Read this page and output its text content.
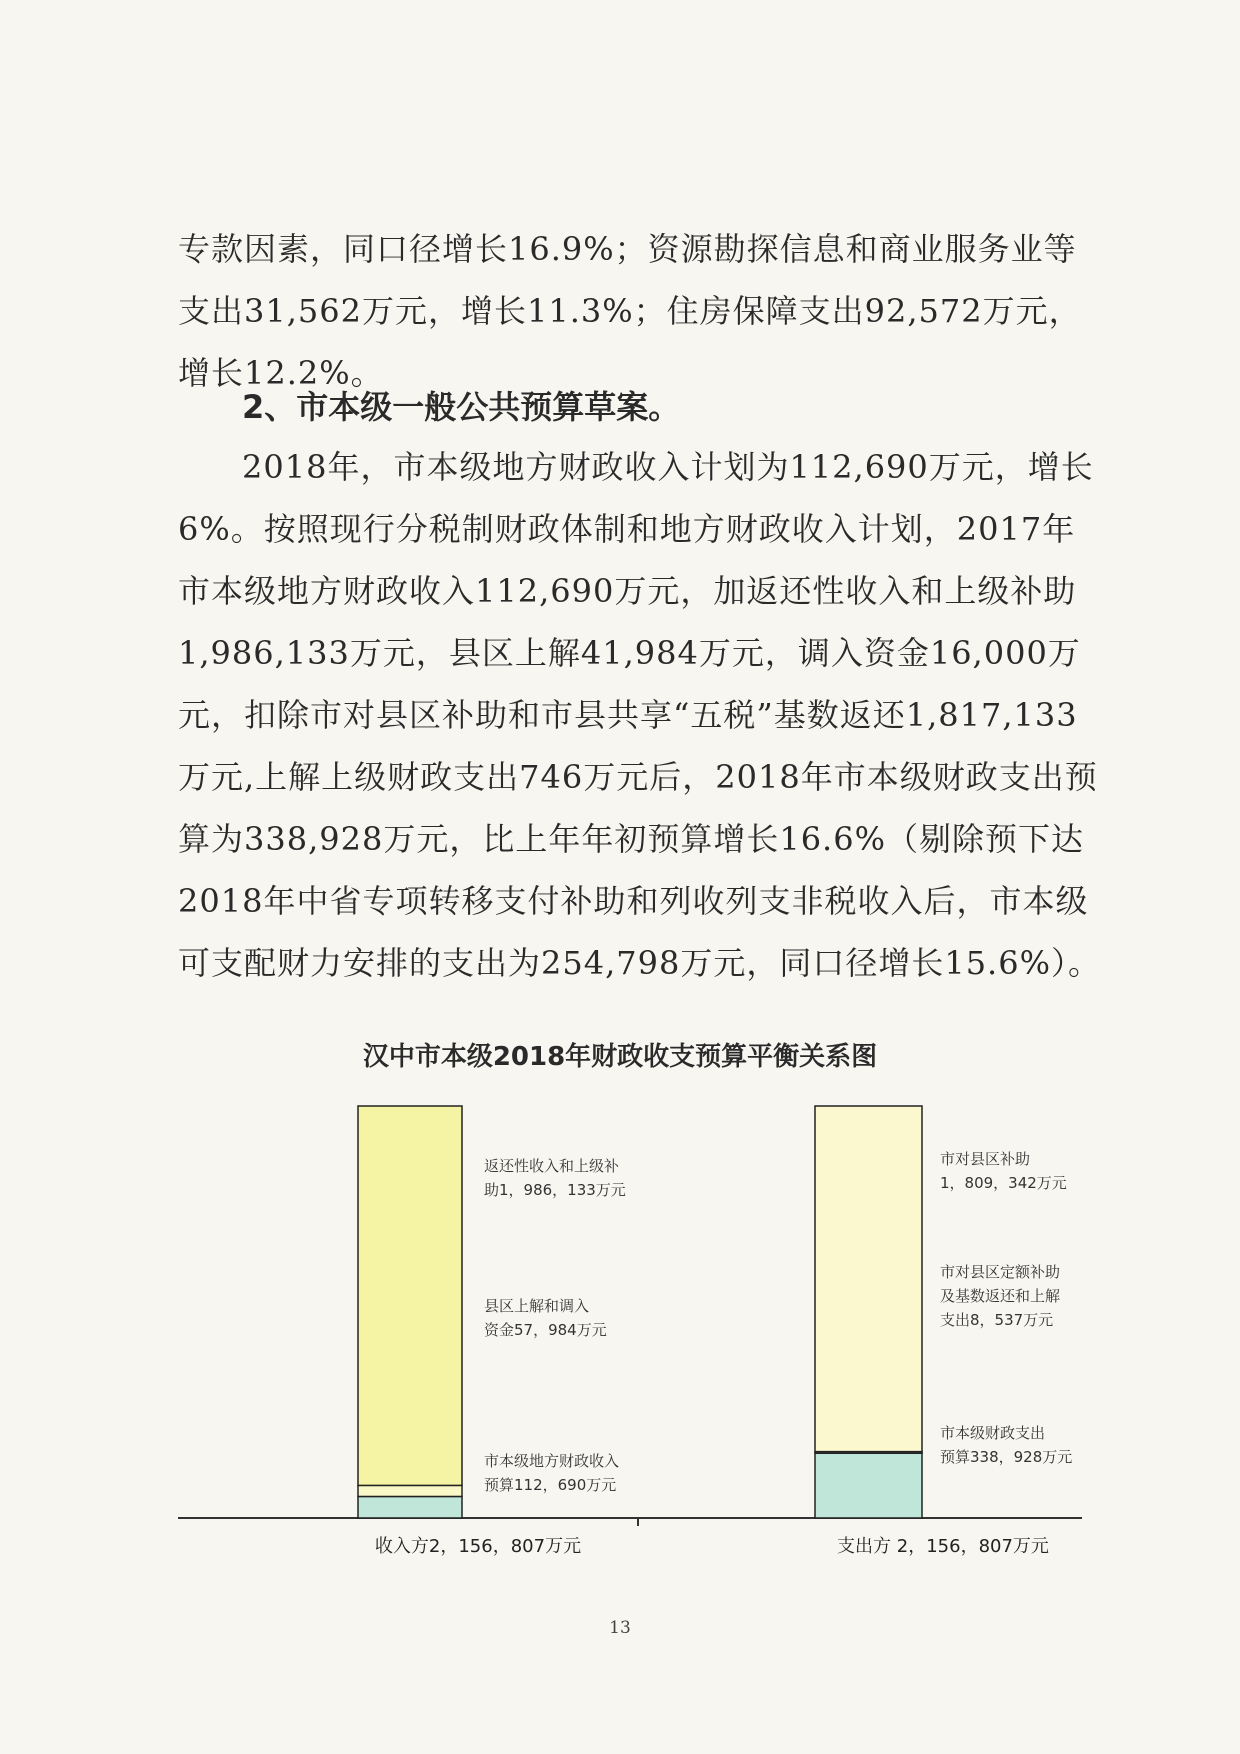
专款因素，同口径增长16.9%；资源勘探信息和商业服务业等支出31,562万元，增长11.3%；住房保障支出92,572万元，增长12.2%。

2、市本级一般公共预算草案。

2018年，市本级地方财政收入计划为112,690万元，增长6%。按照现行分税制财政体制和地方财政收入计划，2017年市本级地方财政收入112,690万元，加返还性收入和上级补助1,986,133万元，县区上解41,984万元，调入资金16,000万元，扣除市对县区补助和市县共享“五税”基数返还1,817,133万元,上解上级财政支出746万元后，2018年市本级财政支出预算为338,928万元，比上年年初预算增长16.6%（剔除预下达2018年中省专项转移支付补助和列收列支非税收入后，市本级可支配财力安排的支出为254,798万元，同口径增长15.6%）。

汉中市本级2018年财政收支预算平衡关系图
市本级地方财政收入
预算112，690万元
县区上解和调入
资金57，984万元
返还性收入和上级补
助1，986，133万元
收入方2，156，807万元
市本级财政支出
预算338，928万元
市对县区定额补助
及基数返还和上解
支出8，537万元
市对县区补助
1，809，342万元
支出方 2，156，807万元
13
